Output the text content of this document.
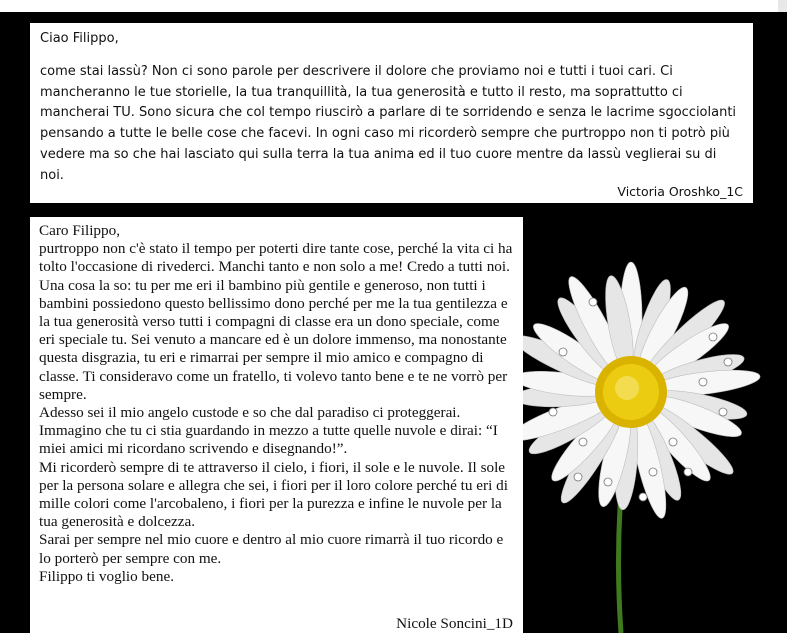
Ciao Filippo,

come stai lassù? Non ci sono parole per descrivere il dolore che proviamo noi e tutti i tuoi cari. Ci mancheranno le tue storielle, la tua tranquillità, la tua generosità e tutto il resto, ma soprattutto ci mancherai TU. Sono sicura che col tempo riuscirò a parlare di te sorridendo e senza le lacrime sgocciolanti pensando a tutte le belle cose che facevi. In ogni caso mi ricorderò sempre che purtroppo non ti potrò più vedere ma so che hai lasciato qui sulla terra la tua anima ed il tuo cuore mentre da lassù veglierai su di noi.

Victoria Oroshko_1C

Caro Filippo,

purtroppo non c'è stato il tempo per poterti dire tante cose, perché la vita ci ha tolto l'occasione di rivederci. Manchi tanto e non solo a me! Credo a tutti noi. Una cosa la so: tu per me eri il bambino più gentile e generoso, non tutti i bambini possiedono questo bellissimo dono perché per me la tua gentilezza e la tua generosità verso tutti i compagni di classe era un dono speciale, come eri speciale tu. Sei venuto a mancare ed è un dolore immenso, ma nonostante questa disgrazia, tu eri e rimarrai per sempre il mio amico e compagno di classe. Ti consideravo come un fratello, ti volevo tanto bene e te ne vorrò per sempre.

Adesso sei il mio angelo custode e so che dal paradiso ci proteggerai.

Immagino che tu ci stia guardando in mezzo a tutte quelle nuvole e dirai: “I miei amici mi ricordano scrivendo e disegnando!”.

Mi ricorderò sempre di te attraverso il cielo, i fiori, il sole e le nuvole. Il sole per la persona solare e allegra che sei, i fiori per il loro colore perché tu eri di mille colori come l'arcobaleno, i fiori per la purezza e infine le nuvole per la tua generosità e dolcezza.

Sarai per sempre nel mio cuore e dentro al mio cuore rimarrà il tuo ricordo e lo porterò per sempre con me.

Filippo ti voglio bene.

Nicole Soncini_1D
